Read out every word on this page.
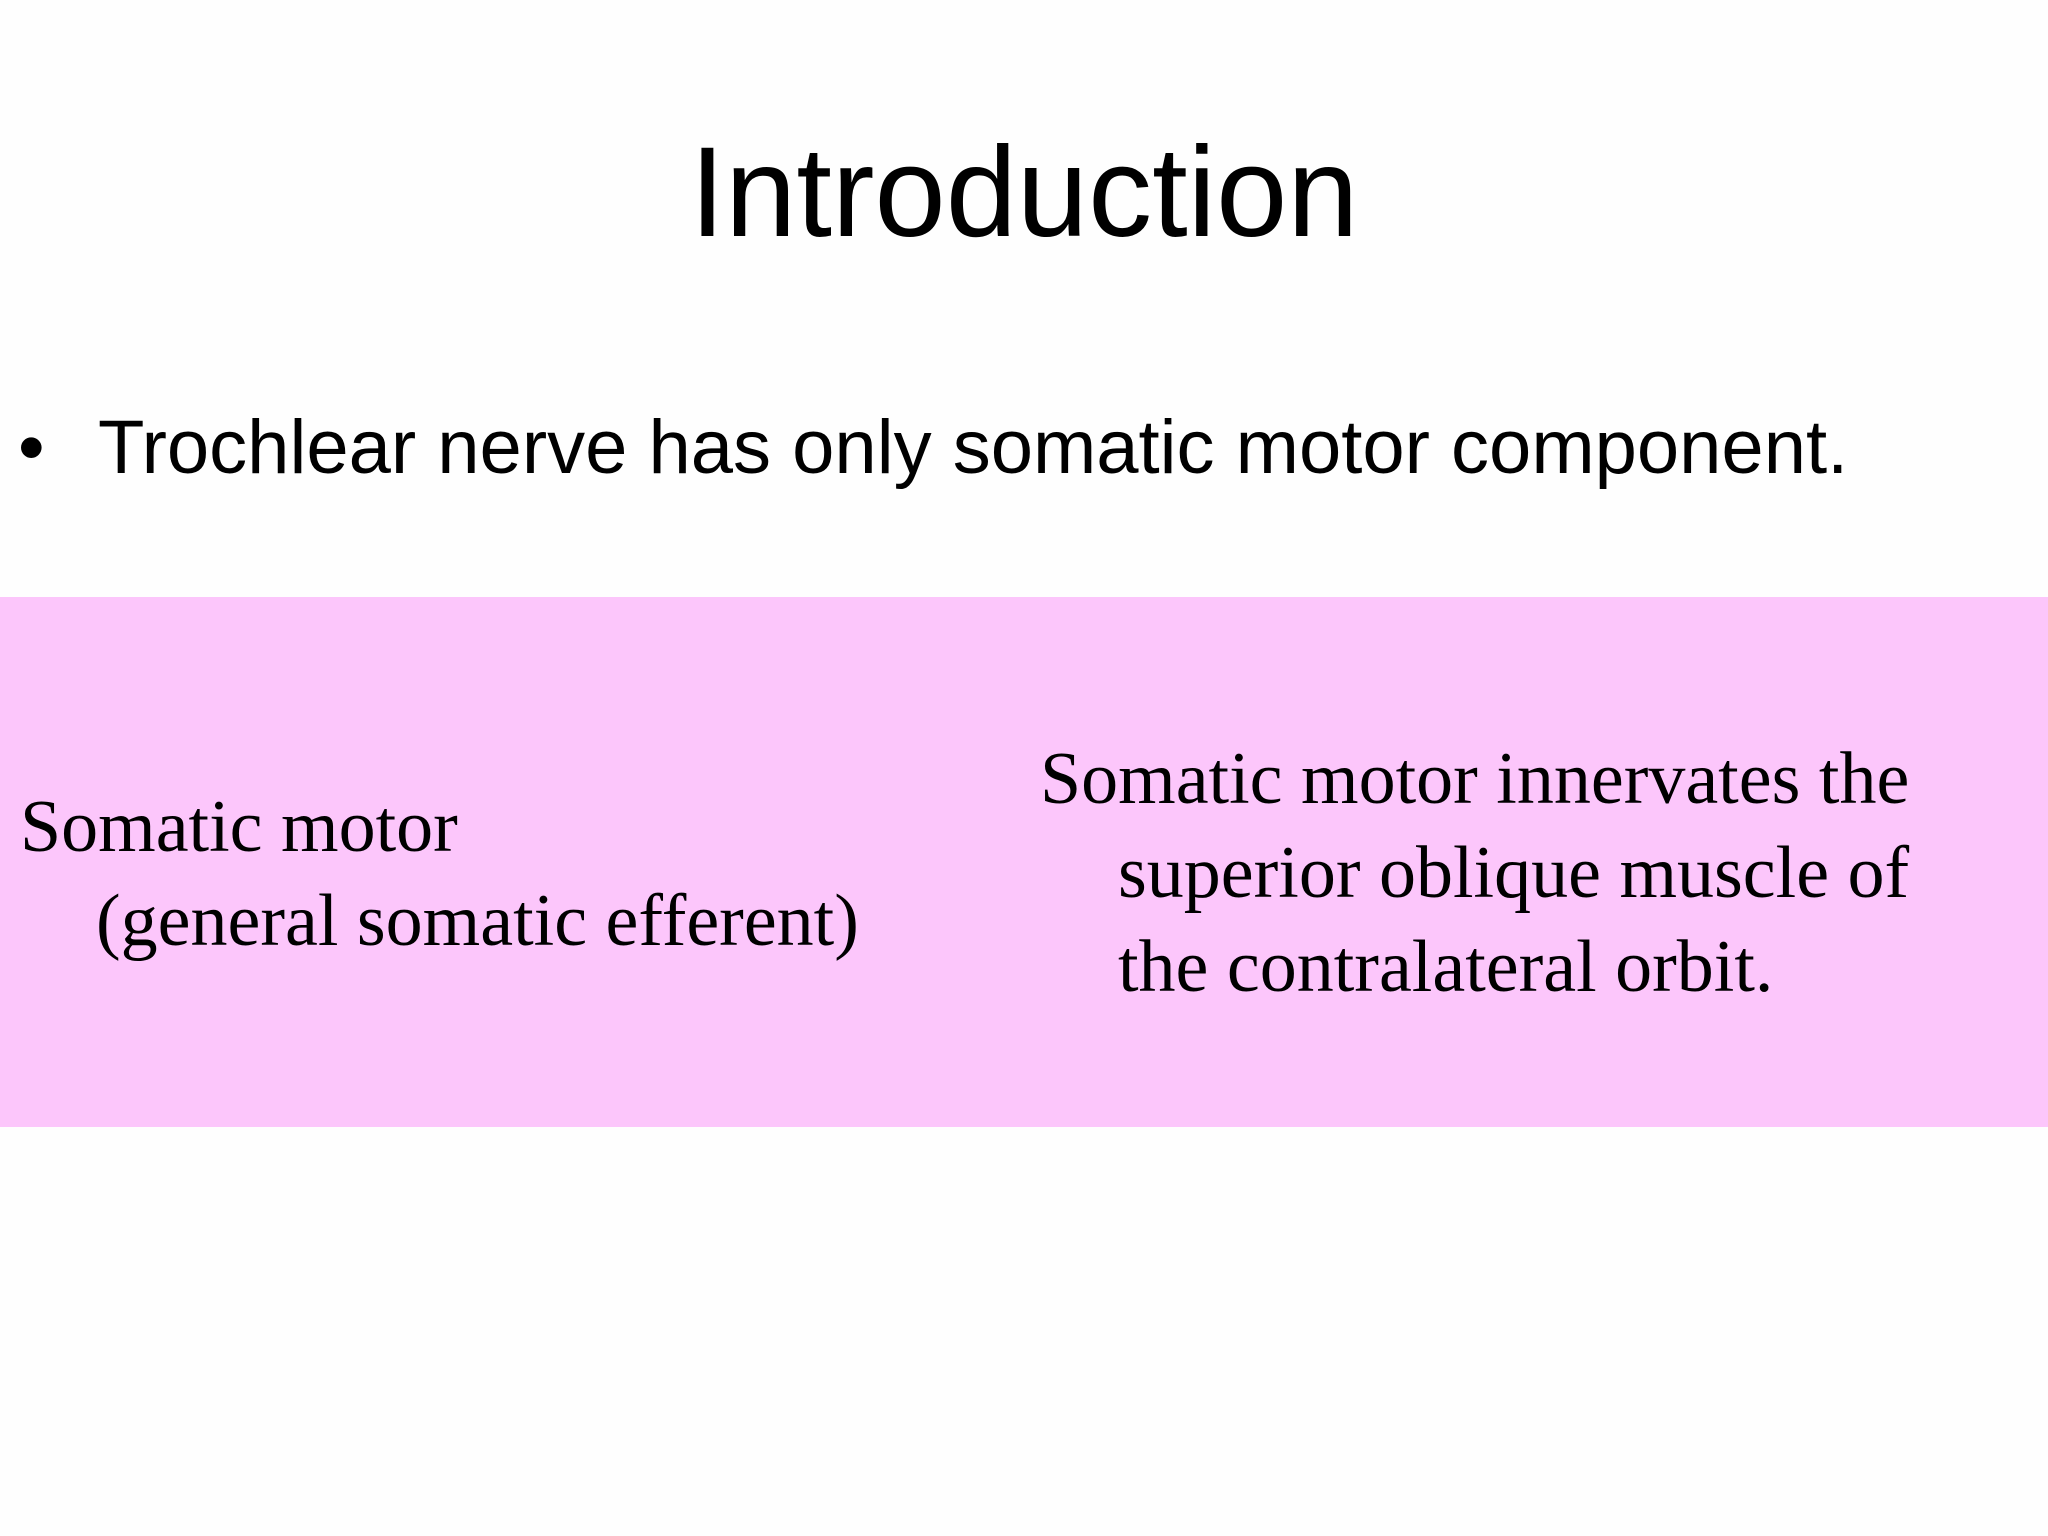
Introduction
• Trochlear nerve has only somatic motor component.
Somatic motor
(general somatic efferent)
Somatic motor innervates the
superior oblique muscle of
the contralateral orbit.
